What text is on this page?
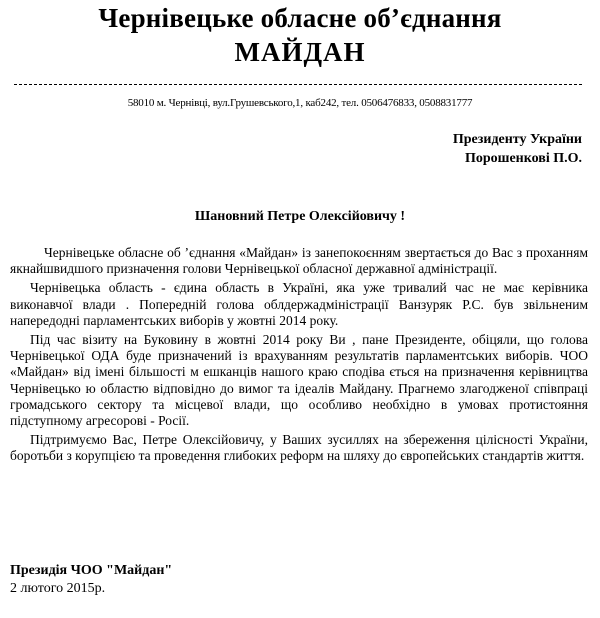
Чернівецьке обласне об’єднання
МАЙДАН
58010 м. Чернівці, вул.Грушевського,1, каб242, тел. 0506476833, 0508831777
Президенту України
Порошенкові П.О.
Шановний Петре Олексійовичу !

Чернівецьке обласне об ’єднання «Майдан» із занепокоєнням звертається до Вас з проханням якнайшвидшого призначення голови Чернівецької обласної державної адміністрації.

Чернівецька область - єдина область в Україні, яка уже тривалий час не має керівника виконавчої влади . Попередній голова облдержадміністрації Ванзуряк Р.С. був звільненим напередодні парламентських виборів у жовтні 2014 року.

Під час візиту на Буковину в жовтні 2014 року Ви , пане Президенте, обіцяли, що голова Чернівецької ОДА буде призначений із врахуванням результатів парламентських виборів. ЧОО «Майдан» від імені більшості м ешканців нашого краю сподіва ється на призначення керівництва Чернівецько ю областю відповідно до вимог та ідеалів Майдану. Прагнемо злагодженої співпраці громадського сектору та місцевої влади, що особливо необхідно в умовах протистояння підступному агресорові - Росії.

Підтримуємо Вас, Петре Олексійовичу, у Ваших зусиллях на збереження цілісності України, боротьби з корупцією та проведення глибоких реформ на шляху до європейських стандартів життя.

Президія ЧОО "Майдан"
2 лютого 2015р.
